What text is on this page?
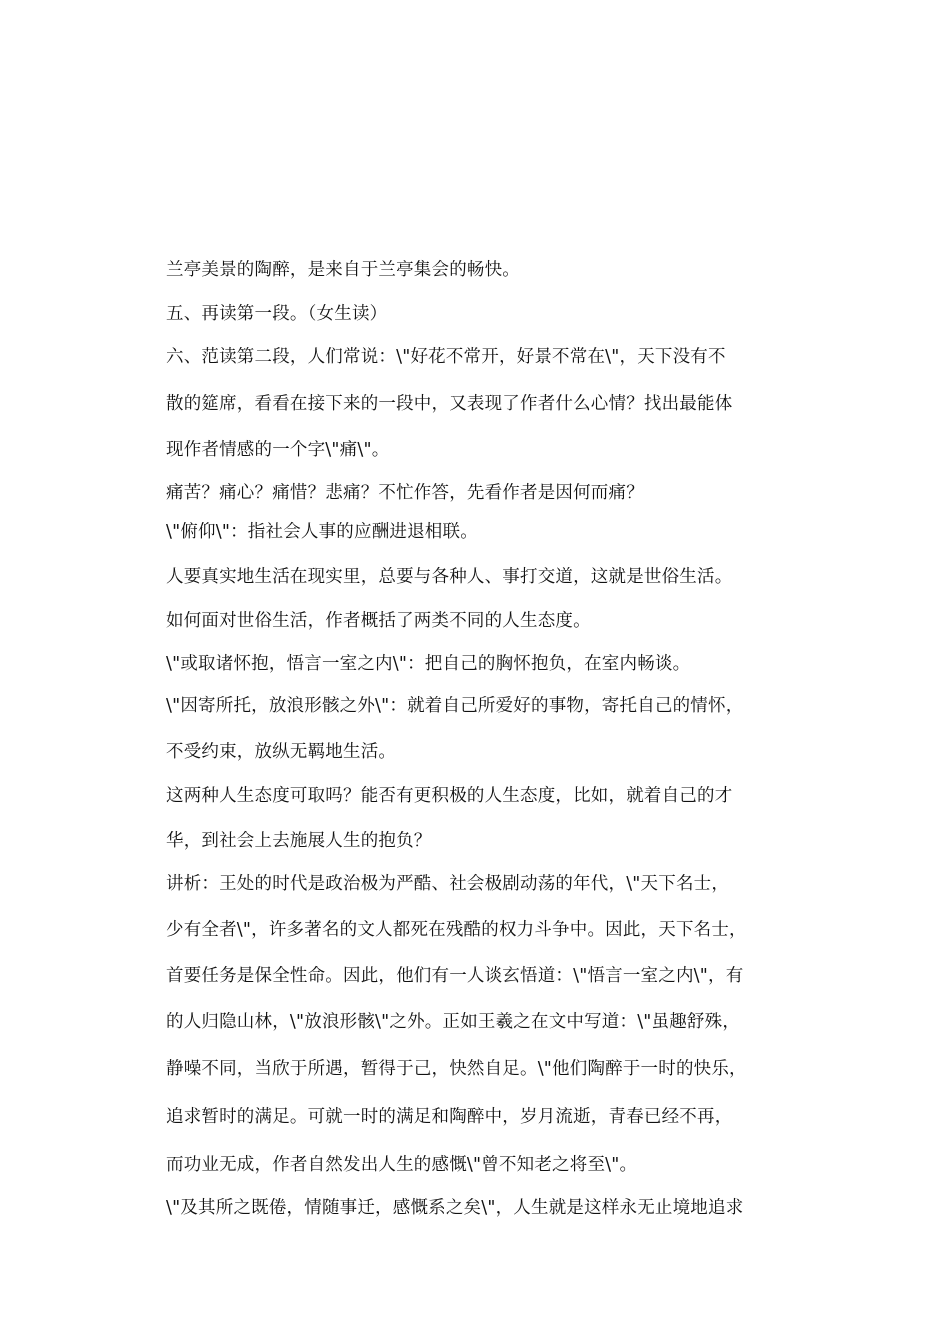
兰亭美景的陶醉，是来自于兰亭集会的畅快。
五、再读第一段。（女生读）
六、范读第二段，人们常说：\"好花不常开，好景不常在\"，天下没有不
散的筵席，看看在接下来的一段中，又表现了作者什么心情？找出最能体
现作者情感的一个字\"痛\"。
痛苦？痛心？痛惜？悲痛？不忙作答，先看作者是因何而痛？
\"俯仰\"：指社会人事的应酬进退相联。
人要真实地生活在现实里，总要与各种人、事打交道，这就是世俗生活。
如何面对世俗生活，作者概括了两类不同的人生态度。
\"或取诸怀抱，悟言一室之内\"：把自己的胸怀抱负，在室内畅谈。
\"因寄所托，放浪形骸之外\"：就着自己所爱好的事物，寄托自己的情怀，
不受约束，放纵无羁地生活。
这两种人生态度可取吗？能否有更积极的人生态度，比如，就着自己的才
华，到社会上去施展人生的抱负？
讲析：王处的时代是政治极为严酷、社会极剧动荡的年代，\"天下名士，
少有全者\"，许多著名的文人都死在残酷的权力斗争中。因此，天下名士，
首要任务是保全性命。因此，他们有一人谈玄悟道：\"悟言一室之内\"，有
的人归隐山林，\"放浪形骸\"之外。正如王羲之在文中写道：\"虽趣舒殊，
静噪不同，当欣于所遇，暂得于己，快然自足。\"他们陶醉于一时的快乐，
追求暂时的满足。可就一时的满足和陶醉中，岁月流逝，青春已经不再，
而功业无成，作者自然发出人生的感慨\"曾不知老之将至\"。
\"及其所之既倦，情随事迁，感慨系之矣\"，人生就是这样永无止境地追求
